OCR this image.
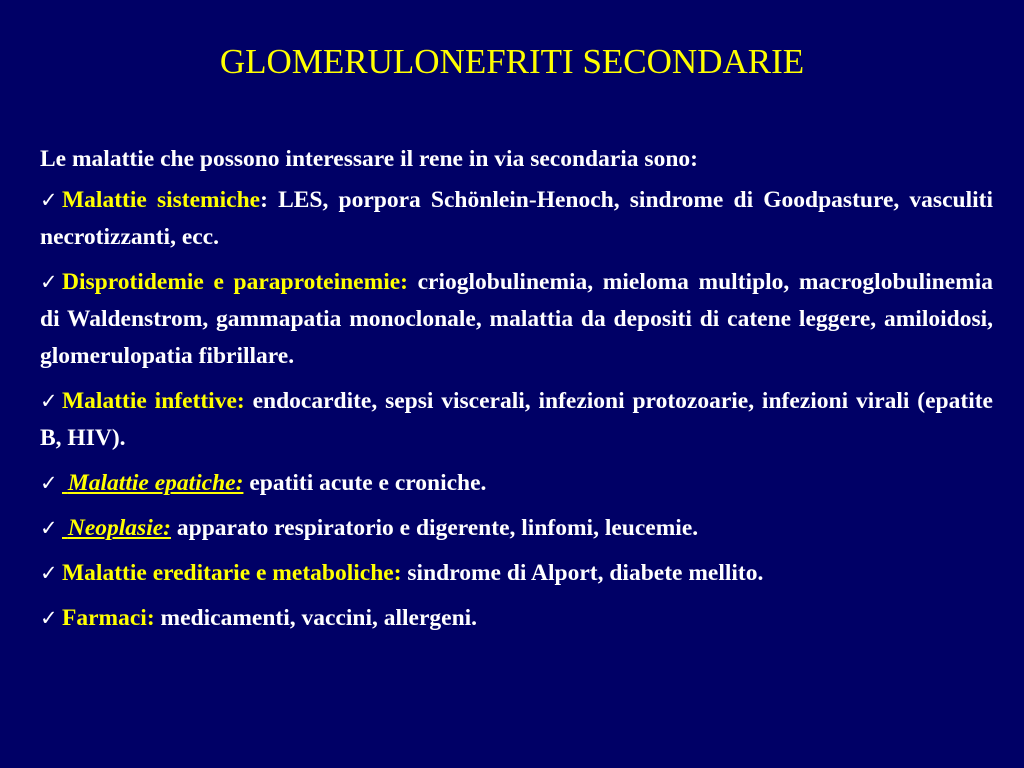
GLOMERULONEFRITI SECONDARIE

Le malattie che possono interessare il rene in via secondaria sono:

✓ Malattie sistemiche: LES, porpora Schönlein-Henoch, sindrome di Goodpasture, vasculiti necrotizzanti, ecc.
✓ Disprotidemie e paraproteinemie: crioglobulinemia, mieloma multiplo, macroglobulinemia di Waldenstrom, gammapatia monoclonale, malattia da depositi di catene leggere, amiloidosi, glomerulopatia fibrillare.
✓ Malattie infettive: endocardite, sepsi viscerali, infezioni protozoarie, infezioni virali (epatite B, HIV).
✓ Malattie epatiche: epatiti acute e croniche.
✓ Neoplasie: apparato respiratorio e digerente, linfomi, leucemie.
✓ Malattie ereditarie e metaboliche: sindrome di Alport, diabete mellito.
✓ Farmaci: medicamenti, vaccini, allergeni.
